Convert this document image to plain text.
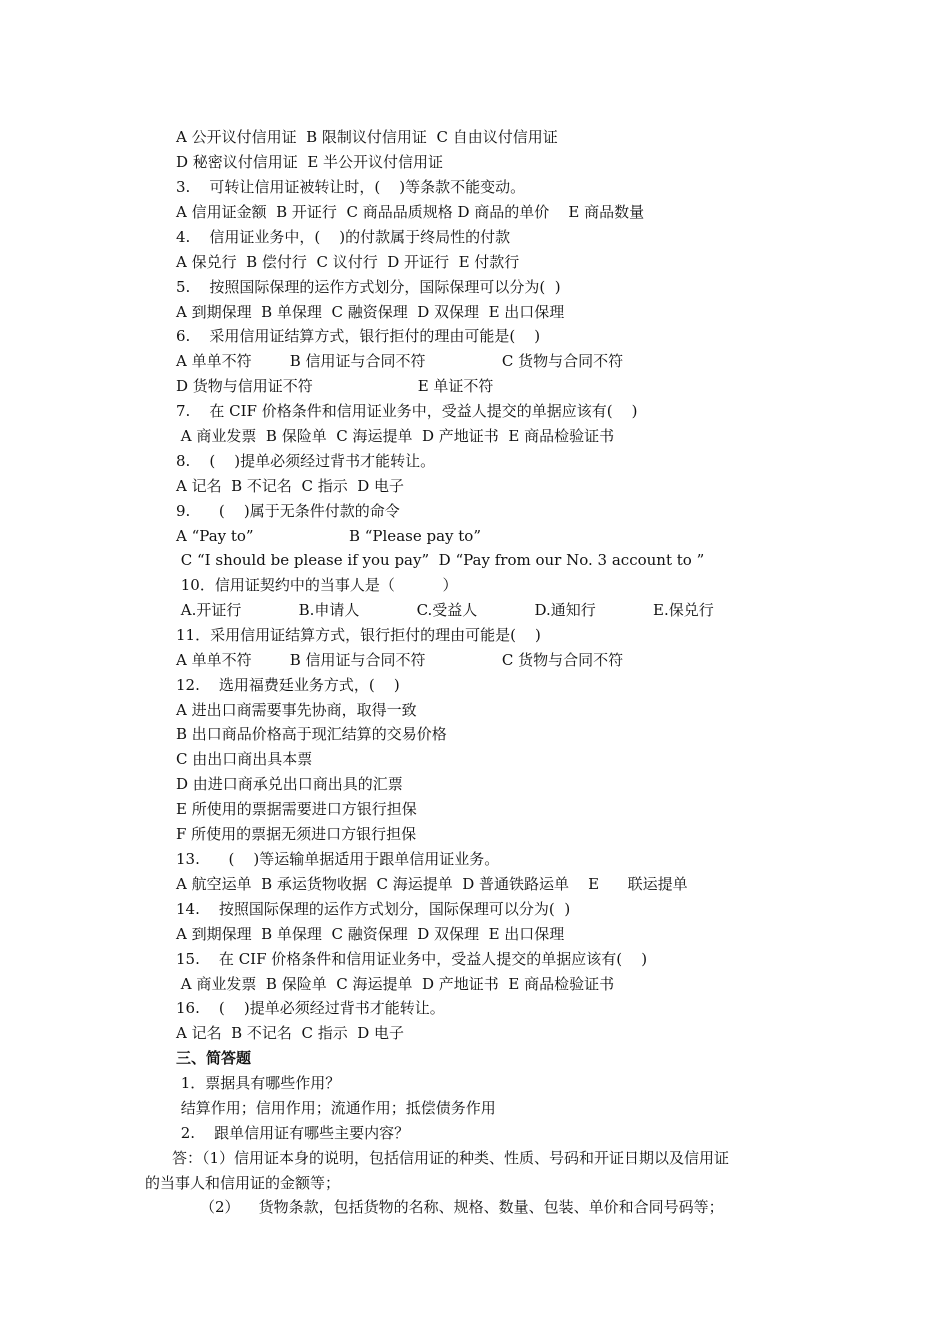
A 公开议付信用证  B 限制议付信用证  C 自由议付信用证
D 秘密议付信用证  E 半公开议付信用证
3.    可转让信用证被转让时，(    )等条款不能变动。
A 信用证金额  B 开证行  C 商品品质规格 D 商品的单价    E 商品数量
4.    信用证业务中，(    )的付款属于终局性的付款
A 保兑行  B 偿付行  C 议付行  D 开证行  E 付款行
5.    按照国际保理的运作方式划分，国际保理可以分为(  )
A 到期保理  B 单保理  C 融资保理  D 双保理  E 出口保理
6.    采用信用证结算方式，银行拒付的理由可能是(    )
A 单单不符        B 信用证与合同不符                C 货物与合同不符
D 货物与信用证不符                      E 单证不符
7.    在 CIF 价格条件和信用证业务中，受益人提交的单据应该有(    )
A 商业发票  B 保险单  C 海运提单  D 产地证书  E 商品检验证书
8.    (    )提单必须经过背书才能转让。
A 记名  B 不记名  C 指示  D 电子
9.      (    )属于无条件付款的命令
A “Pay to”                    B “Please pay to”
C “I should be please if you pay”  D “Pay from our No. 3 account to ”
10．信用证契约中的当事人是（          ）
A.开证行            B.申请人            C.受益人            D.通知行            E.保兑行
11．采用信用证结算方式，银行拒付的理由可能是(    )
A 单单不符        B 信用证与合同不符                C 货物与合同不符
12.    选用福费廷业务方式，(    )
A 进出口商需要事先协商，取得一致
B 出口商品价格高于现汇结算的交易价格
C 由出口商出具本票
D 由进口商承兑出口商出具的汇票
E 所使用的票据需要进口方银行担保
F 所使用的票据无须进口方银行担保
13.      (    )等运输单据适用于跟单信用证业务。
A 航空运单  B 承运货物收据  C 海运提单  D 普通铁路运单    E      联运提单
14.    按照国际保理的运作方式划分，国际保理可以分为(  )
A 到期保理  B 单保理  C 融资保理  D 双保理  E 出口保理
15.    在 CIF 价格条件和信用证业务中，受益人提交的单据应该有(    )
A 商业发票  B 保险单  C 海运提单  D 产地证书  E 商品检验证书
16.    (    )提单必须经过背书才能转让。
A 记名  B 不记名  C 指示  D 电子
三、简答题
1．票据具有哪些作用？
结算作用；信用作用；流通作用；抵偿债务作用
2.    跟单信用证有哪些主要内容？
答：（1）信用证本身的说明，包括信用证的种类、性质、号码和开证日期以及信用证
的当事人和信用证的金额等；
（2）    货物条款，包括货物的名称、规格、数量、包装、单价和合同号码等；
